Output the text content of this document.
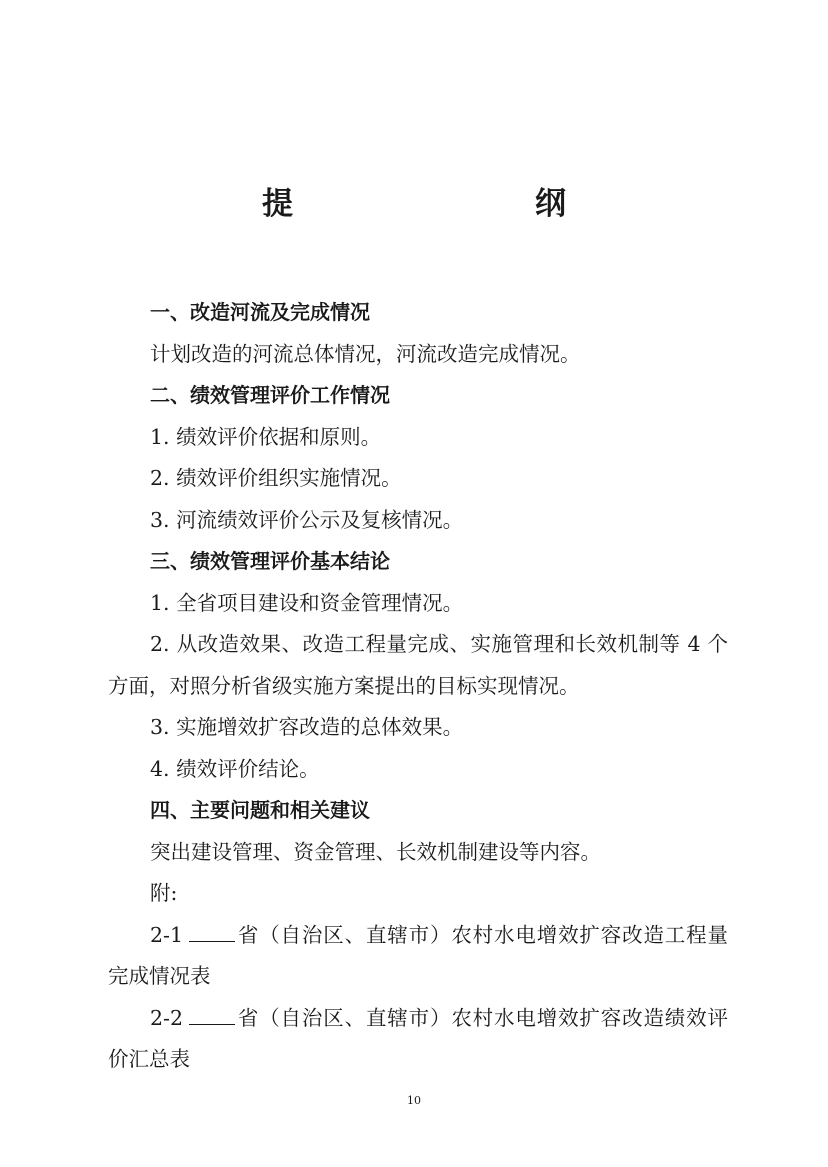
提　　纲

一、改造河流及完成情况

计划改造的河流总体情况，河流改造完成情况。

二、绩效管理评价工作情况

1. 绩效评价依据和原则。

2. 绩效评价组织实施情况。

3. 河流绩效评价公示及复核情况。

三、绩效管理评价基本结论

1. 全省项目建设和资金管理情况。

2. 从改造效果、改造工程量完成、实施管理和长效机制等 4 个方面，对照分析省级实施方案提出的目标实现情况。

3. 实施增效扩容改造的总体效果。

4. 绩效评价结论。

四、主要问题和相关建议

突出建设管理、资金管理、长效机制建设等内容。

附:

2-1	省（自治区、直辖市）农村水电增效扩容改造工程量完成情况表

2-2	省（自治区、直辖市）农村水电增效扩容改造绩效评价汇总表

10
